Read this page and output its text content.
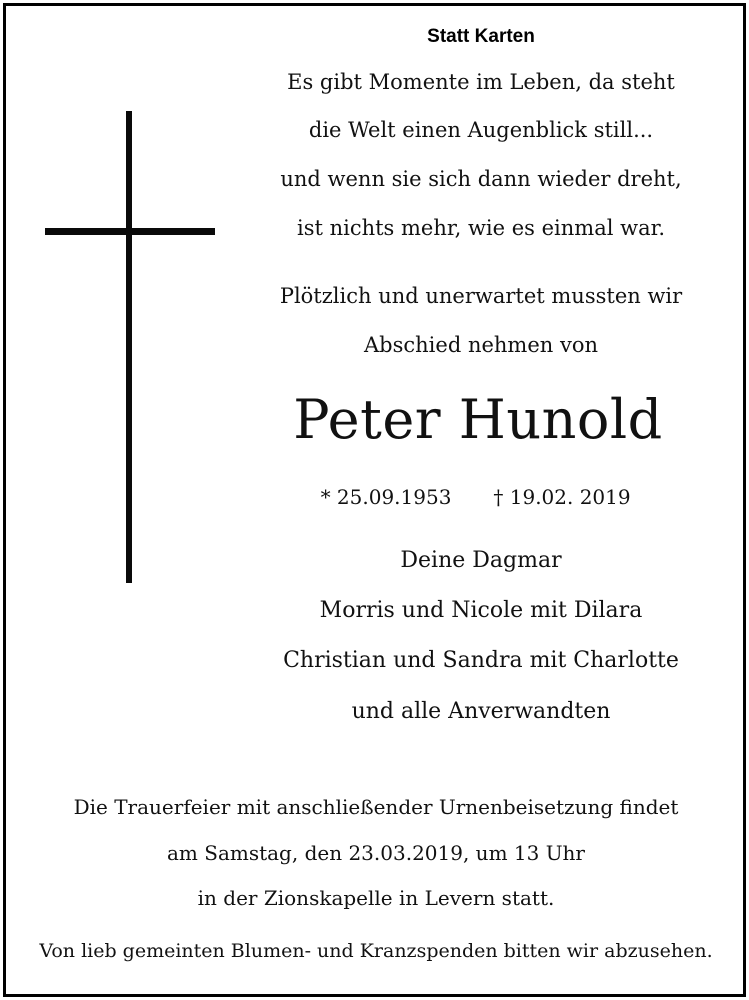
Statt Karten
Es gibt Momente im Leben, da steht
die Welt einen Augenblick still...
und wenn sie sich dann wieder dreht,
ist nichts mehr, wie es einmal war.
Plötzlich und unerwartet mussten wir
Abschied nehmen von
Peter Hunold
* 25.09.1953 † 19.02. 2019
Deine Dagmar
Morris und Nicole mit Dilara
Christian und Sandra mit Charlotte
und alle Anverwandten
Die Trauerfeier mit anschließender Urnenbeisetzung findet
am Samstag, den 23.03.2019, um 13 Uhr
in der Zionskapelle in Levern statt.
Von lieb gemeinten Blumen- und Kranzspenden bitten wir abzusehen.
